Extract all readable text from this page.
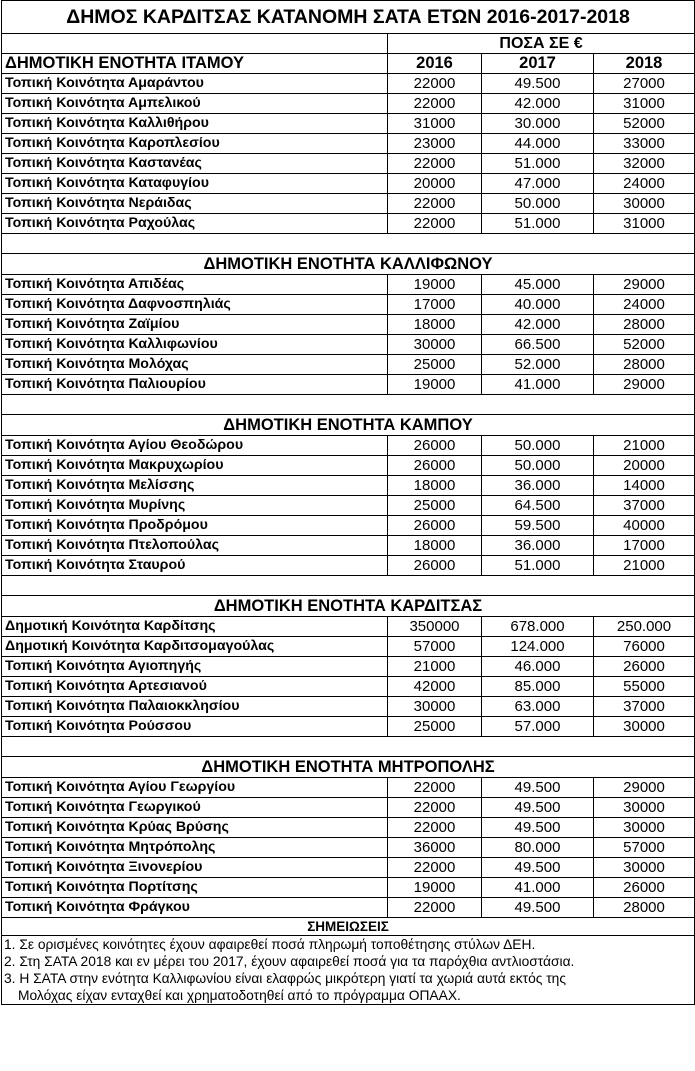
ΔΗΜΟΣ ΚΑΡΔΙΤΣΑΣ ΚΑΤΑΝΟΜΗ ΣΑΤΑ ΕΤΩΝ 2016-2017-2018			
	ΠΟΣΑ ΣΕ €		
ΔΗΜΟΤΙΚΗ ΕΝΟΤΗΤΑ ΙΤΑΜΟΥ	2016	2017	2018
Τοπική Κοινότητα Αμαράντου	22000	49.500	27000
Τοπική Κοινότητα Αμπελικού	22000	42.000	31000
Τοπική Κοινότητα Καλλιθήρου	31000	30.000	52000
Τοπική Κοινότητα Καροπλεσίου	23000	44.000	33000
Τοπική Κοινότητα Καστανέας	22000	51.000	32000
Τοπική Κοινότητα Καταφυγίου	20000	47.000	24000
Τοπική Κοινότητα Νεράιδας	22000	50.000	30000
Τοπική Κοινότητα Ραχούλας	22000	51.000	31000

ΔΗΜΟΤΙΚΗ ΕΝΟΤΗΤΑ ΚΑΛΛΙΦΩΝΟΥ			
Τοπική Κοινότητα Απιδέας	19000	45.000	29000
Τοπική Κοινότητα Δαφνοσπηλιάς	17000	40.000	24000
Τοπική Κοινότητα Ζαϊμίου	18000	42.000	28000
Τοπική Κοινότητα Καλλιφωνίου	30000	66.500	52000
Τοπική Κοινότητα Μολόχας	25000	52.000	28000
Τοπική Κοινότητα Παλιουρίου	19000	41.000	29000

ΔΗΜΟΤΙΚΗ ΕΝΟΤΗΤΑ ΚΑΜΠΟΥ			
Τοπική Κοινότητα Αγίου Θεοδώρου	26000	50.000	21000
Τοπική Κοινότητα Μακρυχωρίου	26000	50.000	20000
Τοπική Κοινότητα Μελίσσης	18000	36.000	14000
Τοπική Κοινότητα Μυρίνης	25000	64.500	37000
Τοπική Κοινότητα Προδρόμου	26000	59.500	40000
Τοπική Κοινότητα Πτελοπούλας	18000	36.000	17000
Τοπική Κοινότητα Σταυρού	26000	51.000	21000

ΔΗΜΟΤΙΚΗ ΕΝΟΤΗΤΑ ΚΑΡΔΙΤΣΑΣ			
Δημοτική Κοινότητα Καρδίτσης	350000	678.000	250.000
Δημοτική Κοινότητα Καρδιτσομαγούλας	57000	124.000	76000
Τοπική Κοινότητα Αγιοπηγής	21000	46.000	26000
Τοπική Κοινότητα Αρτεσιανού	42000	85.000	55000
Τοπική Κοινότητα Παλαιοκκλησίου	30000	63.000	37000
Τοπική Κοινότητα Ρούσσου	25000	57.000	30000

ΔΗΜΟΤΙΚΗ ΕΝΟΤΗΤΑ ΜΗΤΡΟΠΟΛΗΣ			
Τοπική Κοινότητα Αγίου Γεωργίου	22000	49.500	29000
Τοπική Κοινότητα Γεωργικού	22000	49.500	30000
Τοπική Κοινότητα Κρύας Βρύσης	22000	49.500	30000
Τοπική Κοινότητα Μητρόπολης	36000	80.000	57000
Τοπική Κοινότητα Ξινονερίου	22000	49.500	30000
Τοπική Κοινότητα Πορτίτσης	19000	41.000	26000
Τοπική Κοινότητα Φράγκου	22000	49.500	28000
ΣΗΜΕΙΩΣΕΙΣ			

1. Σε ορισμένες κοινότητες έχουν αφαιρεθεί ποσά πληρωμή τοποθέτησης στύλων ΔΕΗ.
2. Στη ΣΑΤΑ 2018 και εν μέρει του 2017, έχουν αφαιρεθεί ποσά για τα παρόχθια αντλιοστάσια.
3. Η ΣΑΤΑ στην ενότητα Καλλιφωνίου είναι ελαφρώς μικρότερη γιατί τα χωριά αυτά εκτός της
Μολόχας είχαν ενταχθεί και χρηματοδοτηθεί από το πρόγραμμα ΟΠΑΑΧ.			
